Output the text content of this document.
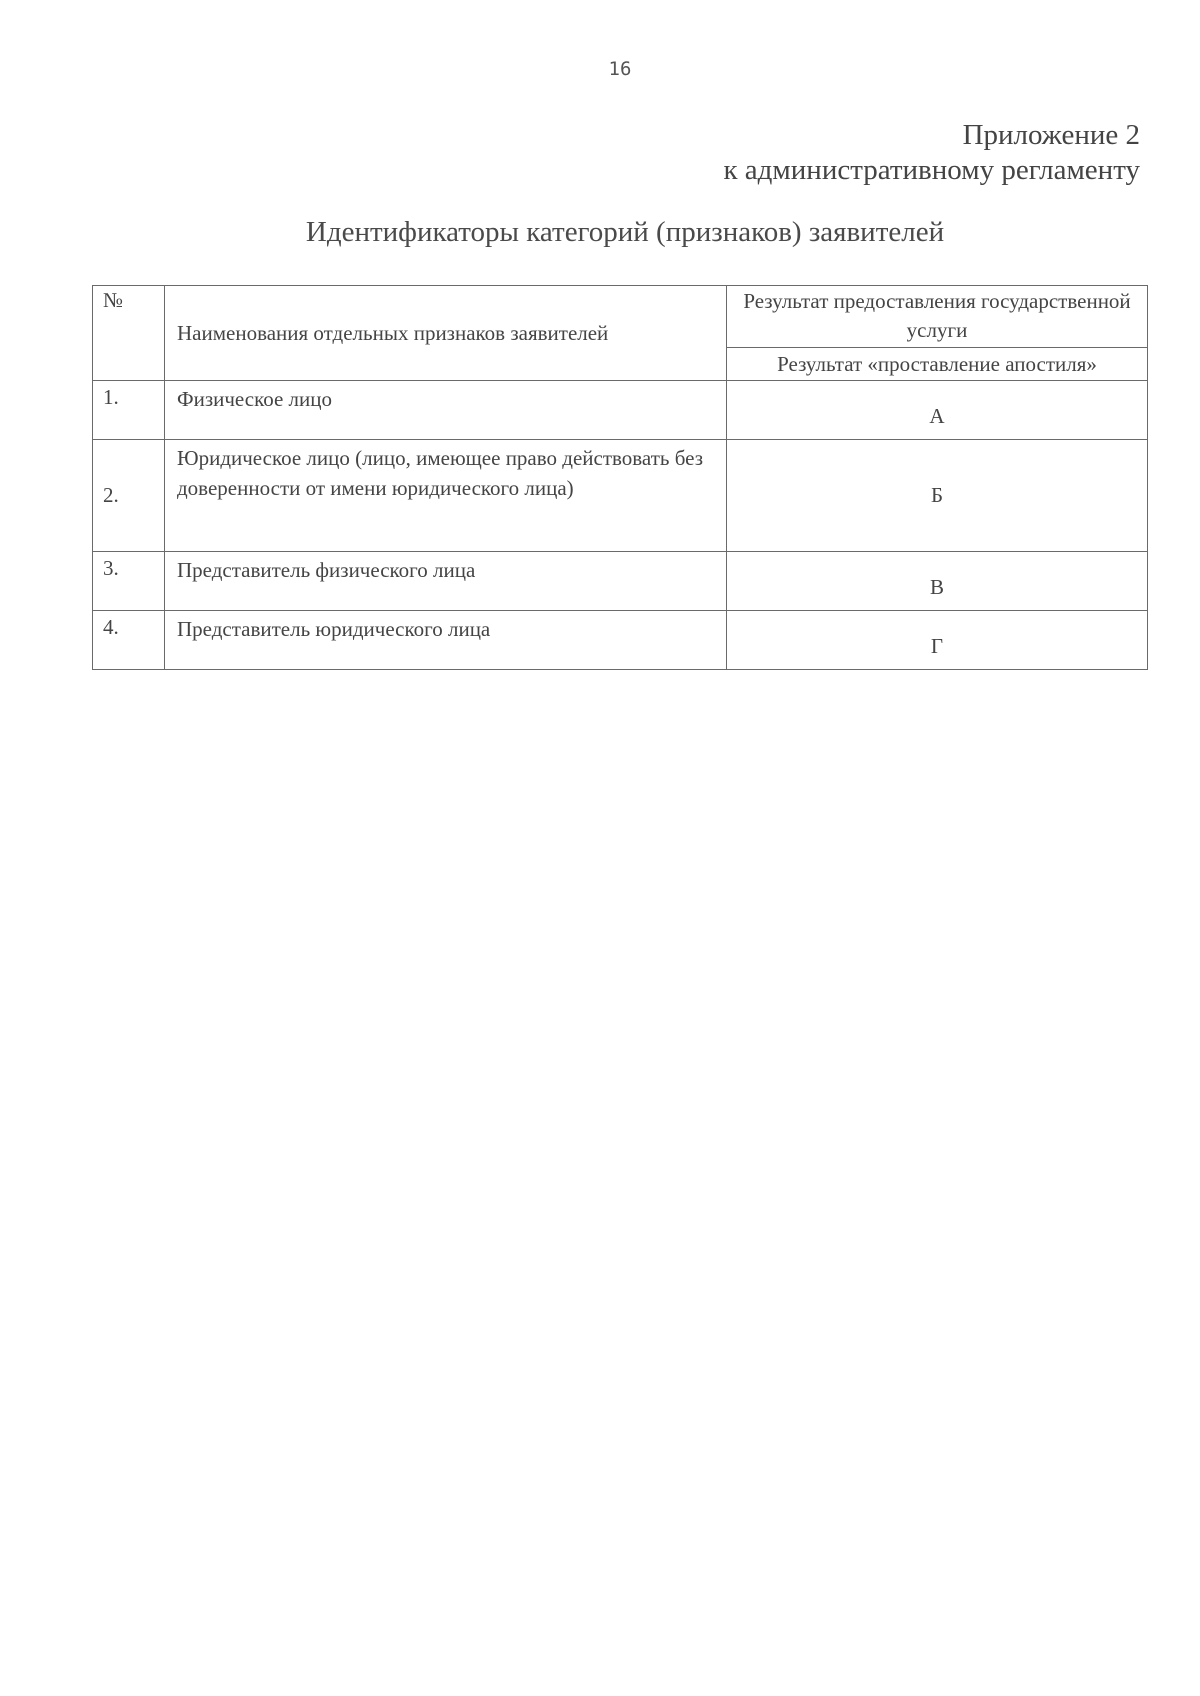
16
Приложение 2
к административному регламенту
Идентификаторы категорий (признаков) заявителей
№	Наименования отдельных признаков заявителей	Результат предоставления государственной услуги
		Результат «проставление апостиля»
1.	Физическое лицо	А
2.	Юридическое лицо (лицо, имеющее право действовать без доверенности от имени юридического лица)	Б
3.	Представитель физического лица	В
4.	Представитель юридического лица	Г
